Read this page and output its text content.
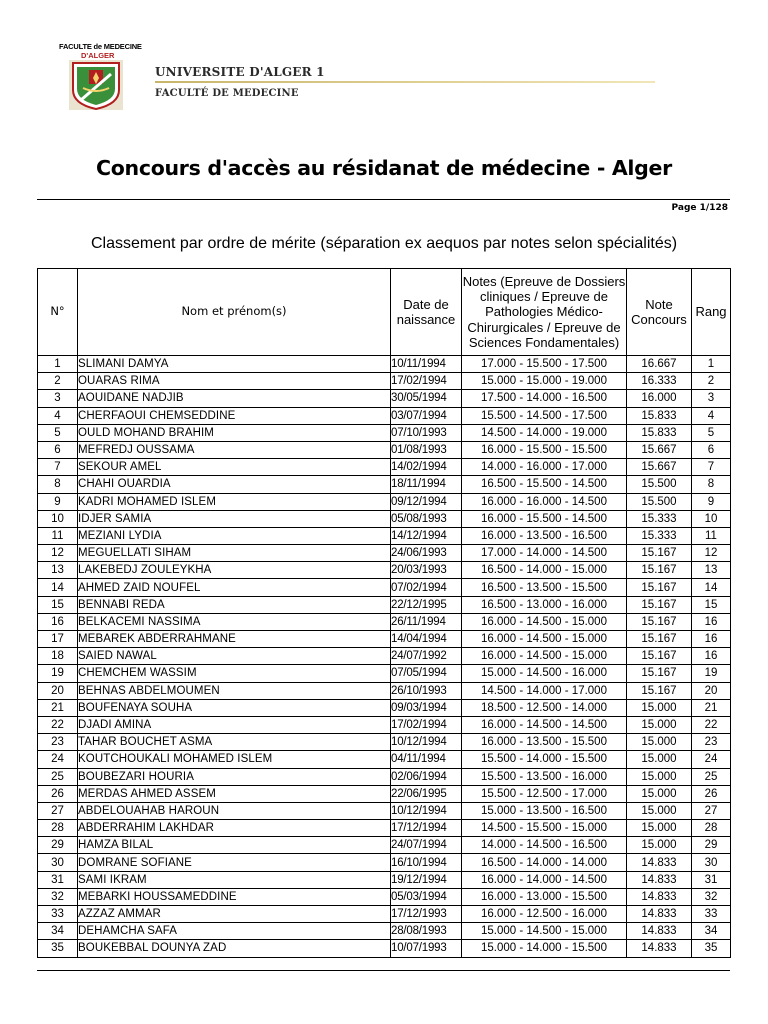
FACULTE de MEDECINE
D'ALGER
UNIVERSITE D'ALGER 1
FACULTÉ DE MEDECINE
Concours d'accès au résidanat de médecine - Alger
Page 1/128
Classement par ordre de mérite (séparation ex aequos par notes selon spécialités)
N°	Nom et prénom(s)	Date de naissance	Notes (Epreuve de Dossiers cliniques / Epreuve de Pathologies Médico-Chirurgicales / Epreuve de Sciences Fondamentales)	Note Concours	Rang
1	SLIMANI DAMYA	10/11/1994	17.000 - 15.500 - 17.500	16.667	1
2	OUARAS RIMA	17/02/1994	15.000 - 15.000 - 19.000	16.333	2
3	AOUIDANE NADJIB	30/05/1994	17.500 - 14.000 - 16.500	16.000	3
4	CHERFAOUI CHEMSEDDINE	03/07/1994	15.500 - 14.500 - 17.500	15.833	4
5	OULD MOHAND BRAHIM	07/10/1993	14.500 - 14.000 - 19.000	15.833	5
6	MEFREDJ OUSSAMA	01/08/1993	16.000 - 15.500 - 15.500	15.667	6
7	SEKOUR AMEL	14/02/1994	14.000 - 16.000 - 17.000	15.667	7
8	CHAHI OUARDIA	18/11/1994	16.500 - 15.500 - 14.500	15.500	8
9	KADRI MOHAMED ISLEM	09/12/1994	16.000 - 16.000 - 14.500	15.500	9
10	IDJER SAMIA	05/08/1993	16.000 - 15.500 - 14.500	15.333	10
11	MEZIANI LYDIA	14/12/1994	16.000 - 13.500 - 16.500	15.333	11
12	MEGUELLATI SIHAM	24/06/1993	17.000 - 14.000 - 14.500	15.167	12
13	LAKEBEDJ ZOULEYKHA	20/03/1993	16.500 - 14.000 - 15.000	15.167	13
14	AHMED ZAID NOUFEL	07/02/1994	16.500 - 13.500 - 15.500	15.167	14
15	BENNABI REDA	22/12/1995	16.500 - 13.000 - 16.000	15.167	15
16	BELKACEMI NASSIMA	26/11/1994	16.000 - 14.500 - 15.000	15.167	16
17	MEBAREK ABDERRAHMANE	14/04/1994	16.000 - 14.500 - 15.000	15.167	16
18	SAIED NAWAL	24/07/1992	16.000 - 14.500 - 15.000	15.167	16
19	CHEMCHEM WASSIM	07/05/1994	15.000 - 14.500 - 16.000	15.167	19
20	BEHNAS ABDELMOUMEN	26/10/1993	14.500 - 14.000 - 17.000	15.167	20
21	BOUFENAYA SOUHA	09/03/1994	18.500 - 12.500 - 14.000	15.000	21
22	DJADI AMINA	17/02/1994	16.000 - 14.500 - 14.500	15.000	22
23	TAHAR BOUCHET ASMA	10/12/1994	16.000 - 13.500 - 15.500	15.000	23
24	KOUTCHOUKALI MOHAMED ISLEM	04/11/1994	15.500 - 14.000 - 15.500	15.000	24
25	BOUBEZARI HOURIA	02/06/1994	15.500 - 13.500 - 16.000	15.000	25
26	MERDAS AHMED ASSEM	22/06/1995	15.500 - 12.500 - 17.000	15.000	26
27	ABDELOUAHAB HAROUN	10/12/1994	15.000 - 13.500 - 16.500	15.000	27
28	ABDERRAHIM LAKHDAR	17/12/1994	14.500 - 15.500 - 15.000	15.000	28
29	HAMZA BILAL	24/07/1994	14.000 - 14.500 - 16.500	15.000	29
30	DOMRANE SOFIANE	16/10/1994	16.500 - 14.000 - 14.000	14.833	30
31	SAMI IKRAM	19/12/1994	16.000 - 14.000 - 14.500	14.833	31
32	MEBARKI HOUSSAMEDDINE	05/03/1994	16.000 - 13.000 - 15.500	14.833	32
33	AZZAZ AMMAR	17/12/1993	16.000 - 12.500 - 16.000	14.833	33
34	DEHAMCHA SAFA	28/08/1993	15.000 - 14.500 - 15.000	14.833	34
35	BOUKEBBAL DOUNYA ZAD	10/07/1993	15.000 - 14.000 - 15.500	14.833	35
